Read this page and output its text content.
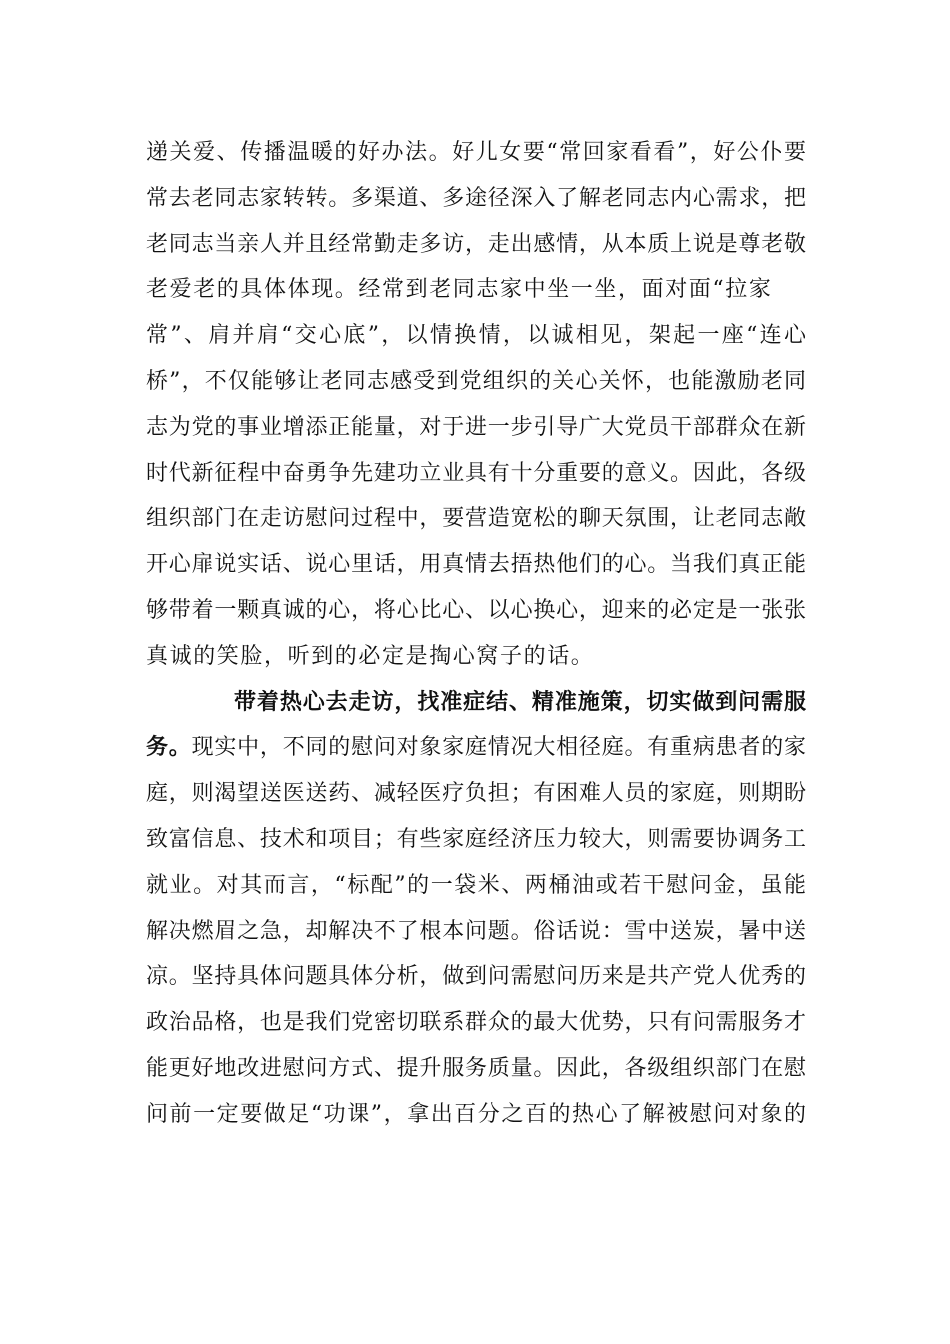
递关爱、传播温暖的好办法。好儿女要“常回家看看”，好公仆要
常去老同志家转转。多渠道、多途径深入了解老同志内心需求，把
老同志当亲人并且经常勤走多访，走出感情，从本质上说是尊老敬
老爱老的具体体现。经常到老同志家中坐一坐，面对面“拉家
常”、肩并肩“交心底”，以情换情，以诚相见，架起一座“连心
桥”，不仅能够让老同志感受到党组织的关心关怀，也能激励老同
志为党的事业增添正能量，对于进一步引导广大党员干部群众在新
时代新征程中奋勇争先建功立业具有十分重要的意义。因此，各级
组织部门在走访慰问过程中，要营造宽松的聊天氛围，让老同志敞
开心扉说实话、说心里话，用真情去捂热他们的心。当我们真正能
够带着一颗真诚的心，将心比心、以心换心，迎来的必定是一张张
真诚的笑脸，听到的必定是掏心窝子的话。
带着热心去走访，找准症结、精准施策，切实做到问需服
务。现实中，不同的慰问对象家庭情况大相径庭。有重病患者的家
庭，则渴望送医送药、减轻医疗负担；有困难人员的家庭，则期盼
致富信息、技术和项目；有些家庭经济压力较大，则需要协调务工
就业。对其而言，“标配”的一袋米、两桶油或若干慰问金，虽能
解决燃眉之急，却解决不了根本问题。俗话说：雪中送炭，暑中送
凉。坚持具体问题具体分析，做到问需慰问历来是共产党人优秀的
政治品格，也是我们党密切联系群众的最大优势，只有问需服务才
能更好地改进慰问方式、提升服务质量。因此，各级组织部门在慰
问前一定要做足“功课”，拿出百分之百的热心了解被慰问对象的
